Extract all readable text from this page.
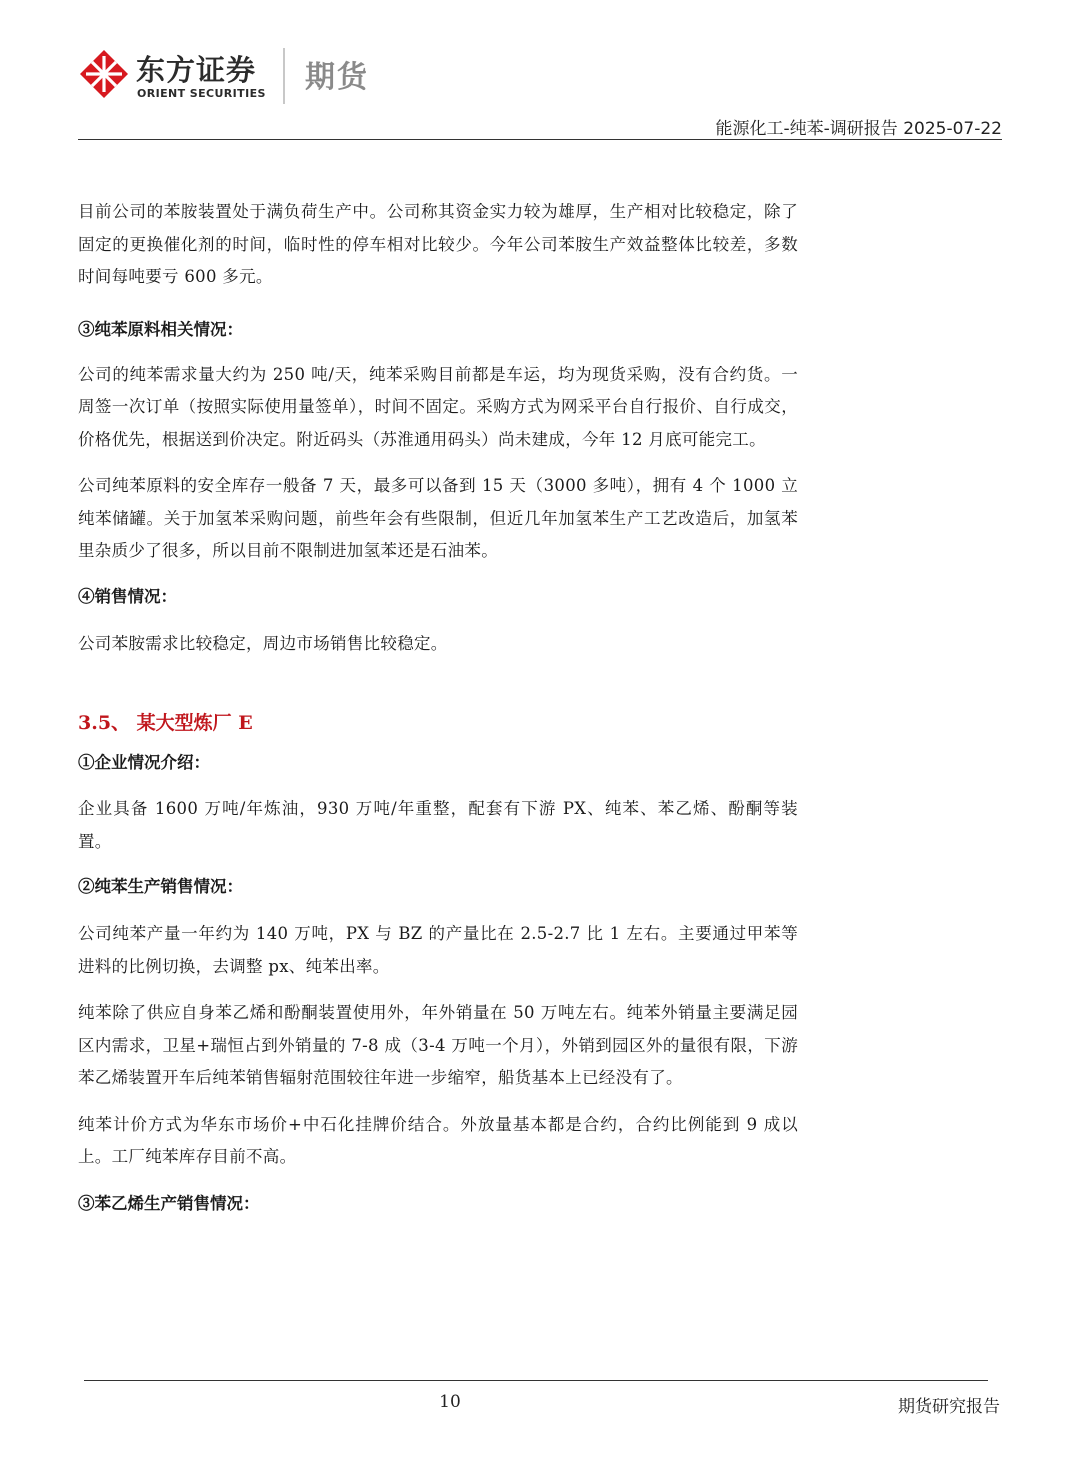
东方证券
ORIENT SECURITIES 期货
能源化工-纯苯-调研报告 2025-07-22

目前公司的苯胺装置处于满负荷生产中。公司称其资金实力较为雄厚，生产相对比较稳定，除了固定的更换催化剂的时间，临时性的停车相对比较少。今年公司苯胺生产效益整体比较差，多数时间每吨要亏 600 多元。

③纯苯原料相关情况：

公司的纯苯需求量大约为 250 吨/天，纯苯采购目前都是车运，均为现货采购，没有合约货。一周签一次订单（按照实际使用量签单），时间不固定。采购方式为网采平台自行报价、自行成交，价格优先，根据送到价决定。附近码头（苏淮通用码头）尚未建成，今年 12 月底可能完工。

公司纯苯原料的安全库存一般备 7 天，最多可以备到 15 天（3000 多吨），拥有 4 个 1000 立纯苯储罐。关于加氢苯采购问题，前些年会有些限制，但近几年加氢苯生产工艺改造后，加氢苯里杂质少了很多，所以目前不限制进加氢苯还是石油苯。

④销售情况：

公司苯胺需求比较稳定，周边市场销售比较稳定。

3.5、 某大型炼厂 E
①企业情况介绍：

企业具备 1600 万吨/年炼油，930 万吨/年重整，配套有下游 PX、纯苯、苯乙烯、酚酮等装置。

②纯苯生产销售情况：

公司纯苯产量一年约为 140 万吨，PX 与 BZ 的产量比在 2.5-2.7 比 1 左右。主要通过甲苯等进料的比例切换，去调整 px、纯苯出率。

纯苯除了供应自身苯乙烯和酚酮装置使用外，年外销量在 50 万吨左右。纯苯外销量主要满足园区内需求，卫星+瑞恒占到外销量的 7-8 成（3-4 万吨一个月），外销到园区外的量很有限，下游苯乙烯装置开车后纯苯销售辐射范围较往年进一步缩窄，船货基本上已经没有了。

纯苯计价方式为华东市场价+中石化挂牌价结合。外放量基本都是合约，合约比例能到 9 成以上。工厂纯苯库存目前不高。

③苯乙烯生产销售情况：
10	期货研究报告
